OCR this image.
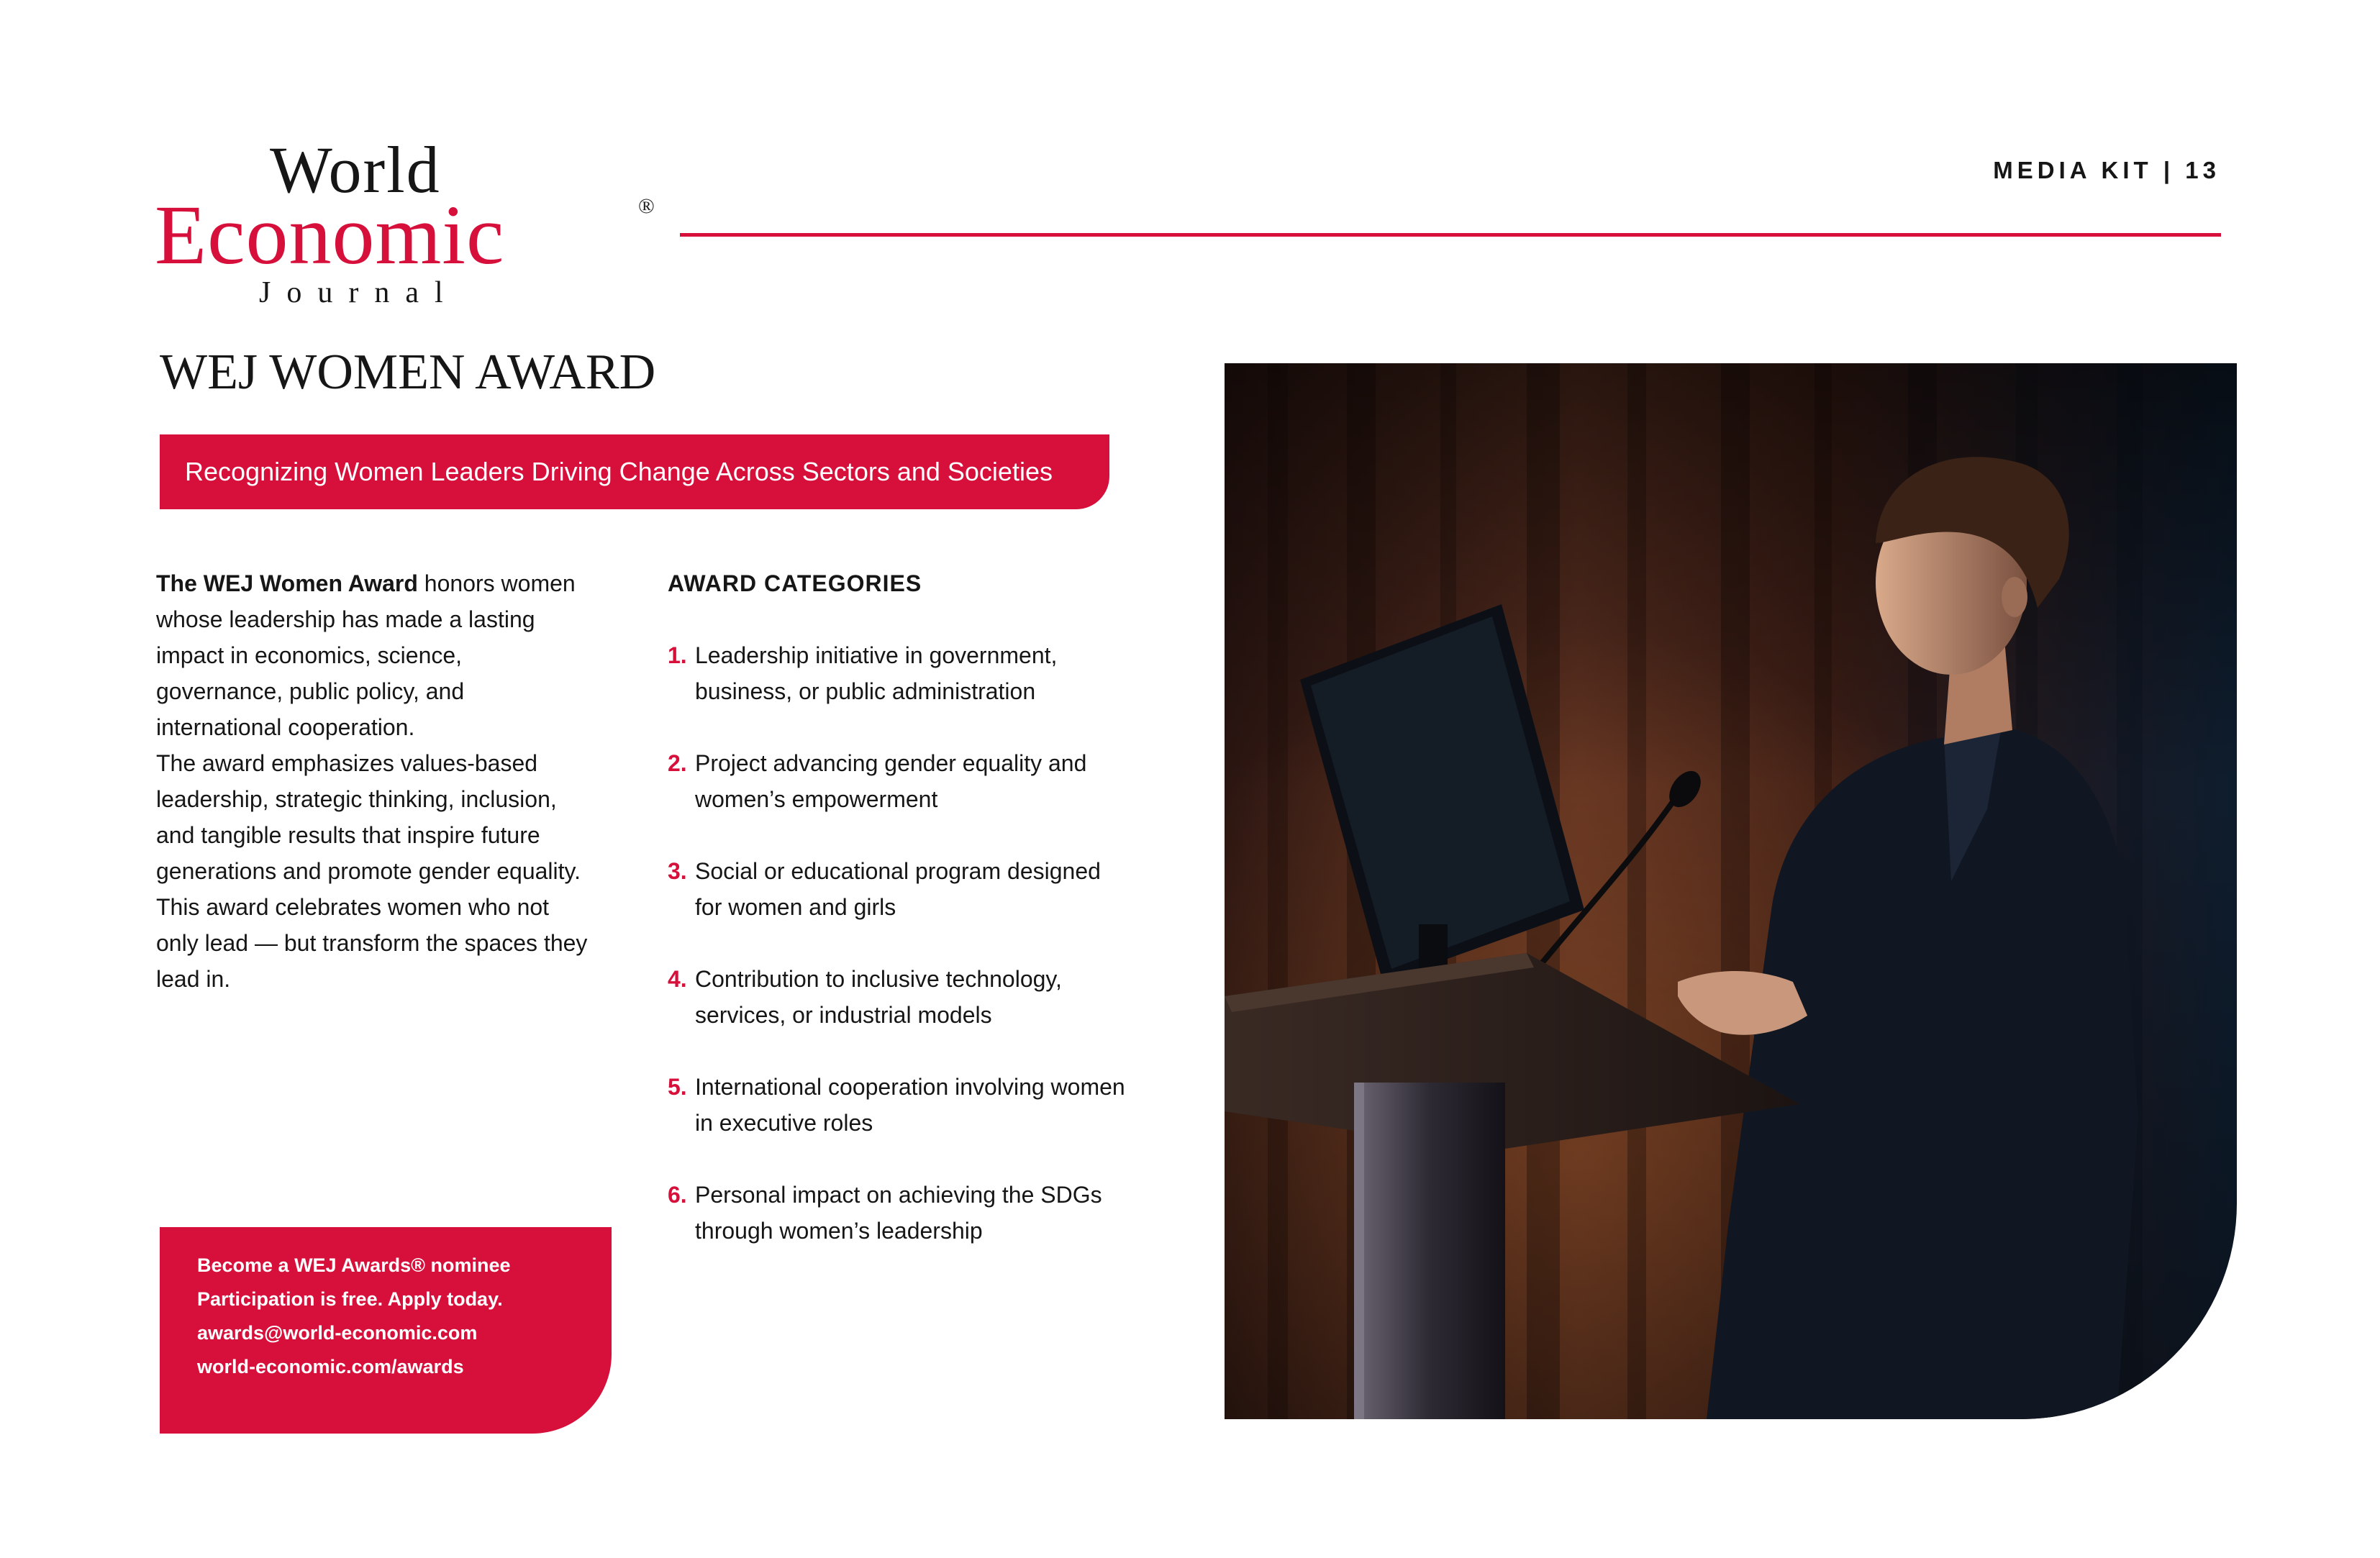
World
Economic	®
Journal
MEDIA KIT | 13
WEJ WOMEN AWARD
Recognizing Women Leaders Driving Change Across Sectors and Societies

The WEJ Women Award honors women whose leadership has made a lasting impact in economics, science, governance, public policy, and international cooperation.

The award emphasizes values-based leadership, strategic thinking, inclusion, and tangible results that inspire future generations and promote gender equality.

This award celebrates women who not only lead — but transform the spaces they lead in.

AWARD CATEGORIES
1. Leadership initiative in government, business, or public administration
2. Project advancing gender equality and women’s empowerment
3. Social or educational program designed for women and girls
4. Contribution to inclusive technology, services, or industrial models
5. International cooperation involving women in executive roles
6. Personal impact on achieving the SDGs through women’s leadership
Become a WEJ Awards® nominee
Participation is free. Apply today.
awards@world-economic.com
world-economic.com/awards
